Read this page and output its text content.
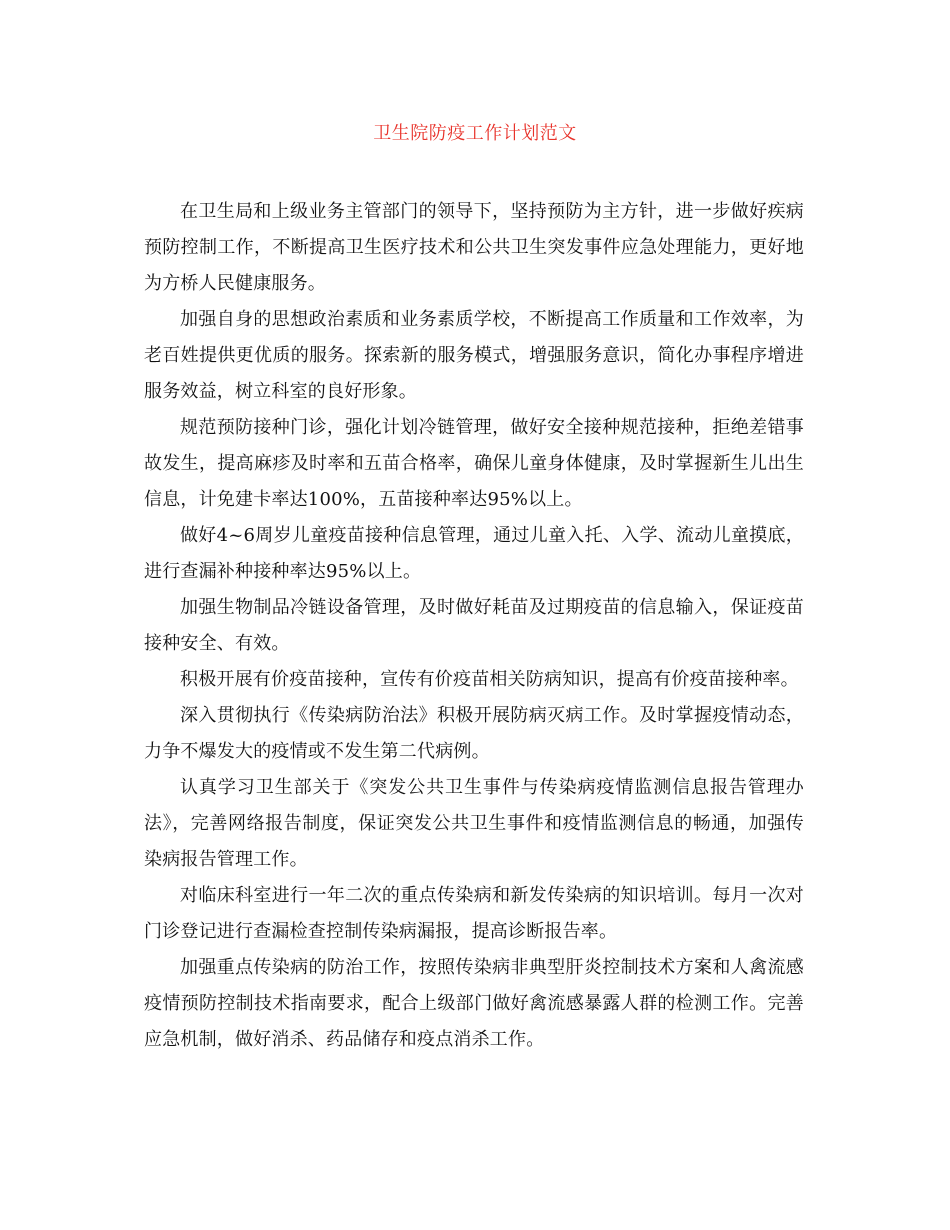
卫生院防疫工作计划范文

在卫生局和上级业务主管部门的领导下，坚持预防为主方针，进一步做好疾病预防控制工作，不断提高卫生医疗技术和公共卫生突发事件应急处理能力，更好地为方桥人民健康服务。

加强自身的思想政治素质和业务素质学校，不断提高工作质量和工作效率，为老百姓提供更优质的服务。探索新的服务模式，增强服务意识，简化办事程序增进服务效益，树立科室的良好形象。

规范预防接种门诊，强化计划冷链管理，做好安全接种规范接种，拒绝差错事故发生，提高麻疹及时率和五苗合格率，确保儿童身体健康，及时掌握新生儿出生信息，计免建卡率达100%，五苗接种率达95%以上。

做好4~6周岁儿童疫苗接种信息管理，通过儿童入托、入学、流动儿童摸底，进行查漏补种接种率达95%以上。

加强生物制品冷链设备管理，及时做好耗苗及过期疫苗的信息输入，保证疫苗接种安全、有效。

积极开展有价疫苗接种，宣传有价疫苗相关防病知识，提高有价疫苗接种率。

深入贯彻执行《传染病防治法》积极开展防病灭病工作。及时掌握疫情动态，力争不爆发大的疫情或不发生第二代病例。

认真学习卫生部关于《突发公共卫生事件与传染病疫情监测信息报告管理办法》，完善网络报告制度，保证突发公共卫生事件和疫情监测信息的畅通，加强传染病报告管理工作。

对临床科室进行一年二次的重点传染病和新发传染病的知识培训。每月一次对门诊登记进行查漏检查控制传染病漏报，提高诊断报告率。

加强重点传染病的防治工作，按照传染病非典型肝炎控制技术方案和人禽流感疫情预防控制技术指南要求，配合上级部门做好禽流感暴露人群的检测工作。完善应急机制，做好消杀、药品储存和疫点消杀工作。
